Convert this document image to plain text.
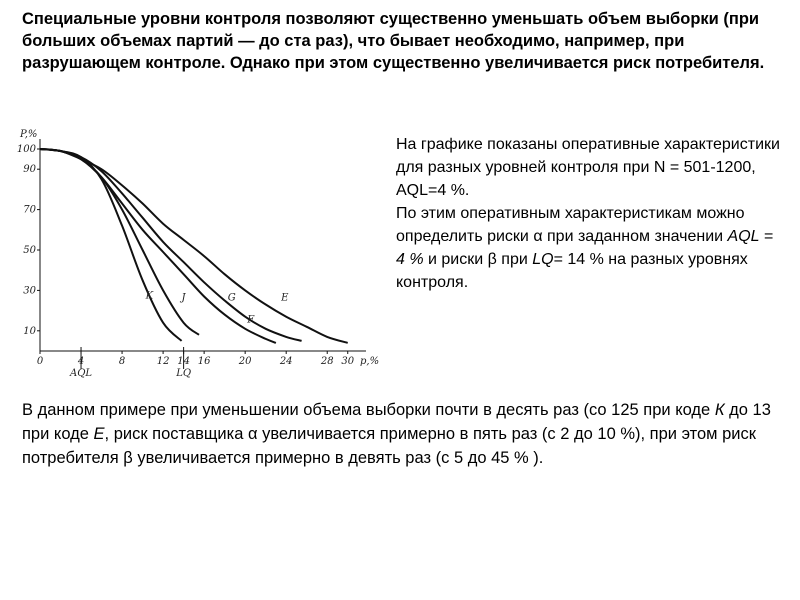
Специальные уровни контроля позволяют существенно уменьшать объем выборки (при больших объемах партий — до ста раз), что бывает необходимо, например, при разрушающем контроле. Однако при этом существенно увеличивается риск потребителя.

P,%
p,%
100
90
70
50
30
10
0	4	8	12 14 16	20	24	28 30
AQL	LQ
K	J	G
F
E

На графике показаны оперативные характеристики для разных уровней контроля при N = 501-1200, AQL=4 %.
По этим оперативным характеристикам можно определить риски α при заданном значении AQL = 4 % и риски β при LQ= 14 % на разных уровнях контроля.

В данном примере при уменьшении объема выборки почти в десять раз (со 125 при коде К до 13 при коде Е, риск поставщика α увеличивается примерно в пять раз (с 2 до 10 %), при этом риск потребителя β увеличивается примерно в девять раз (с 5 до 45 % ).
